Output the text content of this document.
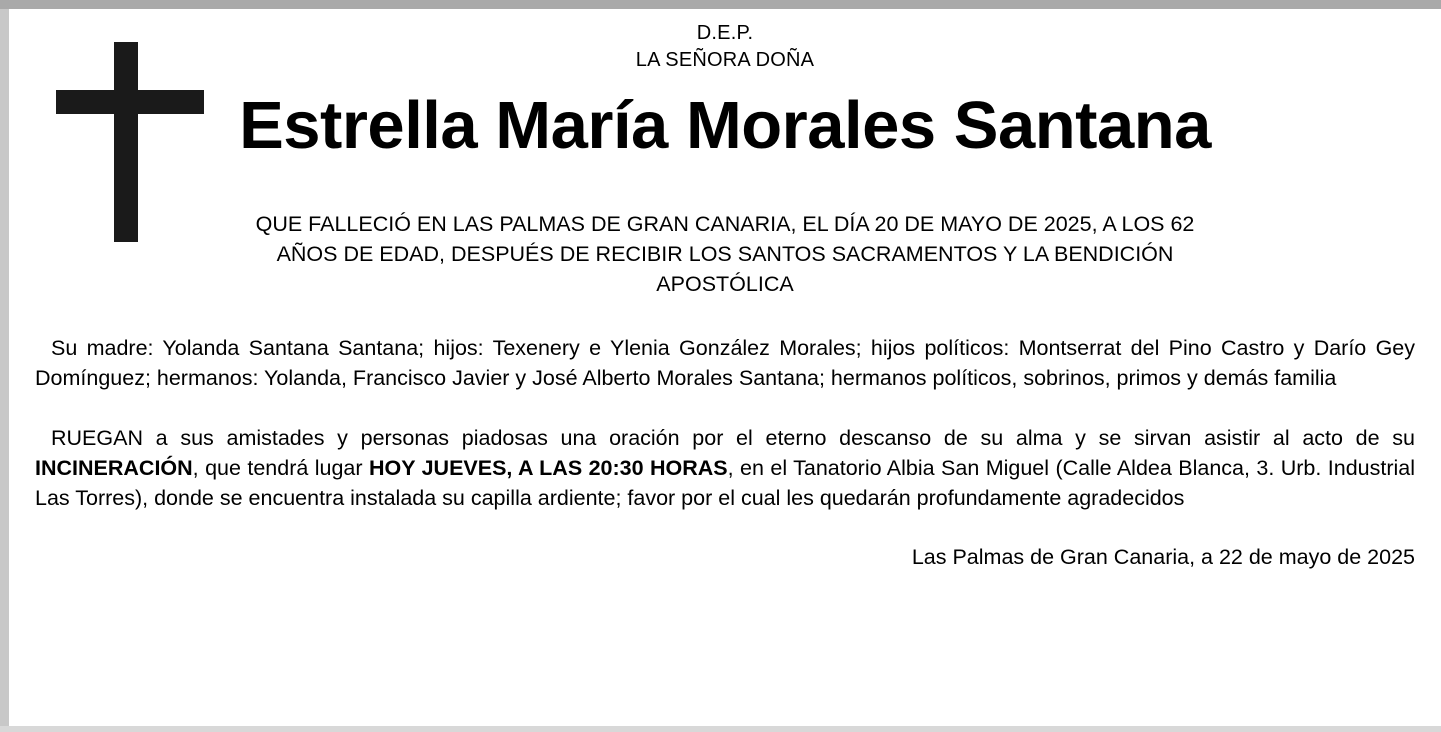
D.E.P.
LA SEÑORA DOÑA
Estrella María Morales Santana
QUE FALLECIÓ EN LAS PALMAS DE GRAN CANARIA, EL DÍA 20 DE MAYO DE 2025, A LOS 62 AÑOS DE EDAD, DESPUÉS DE RECIBIR LOS SANTOS SACRAMENTOS Y LA BENDICIÓN APOSTÓLICA

Su madre: Yolanda Santana Santana; hijos: Texenery e Ylenia González Morales; hijos políticos: Montserrat del Pino Castro y Darío Gey Domínguez; hermanos: Yolanda, Francisco Javier y José Alberto Morales Santana; hermanos políticos, sobrinos, primos y demás familia

RUEGAN a sus amistades y personas piadosas una oración por el eterno descanso de su alma y se sirvan asistir al acto de su INCINERACIÓN, que tendrá lugar HOY JUEVES, A LAS 20:30 HORAS, en el Tanatorio Albia San Miguel (Calle Aldea Blanca, 3. Urb. Industrial Las Torres), donde se encuentra instalada su capilla ardiente; favor por el cual les quedarán profundamente agradecidos

Las Palmas de Gran Canaria, a 22 de mayo de 2025
